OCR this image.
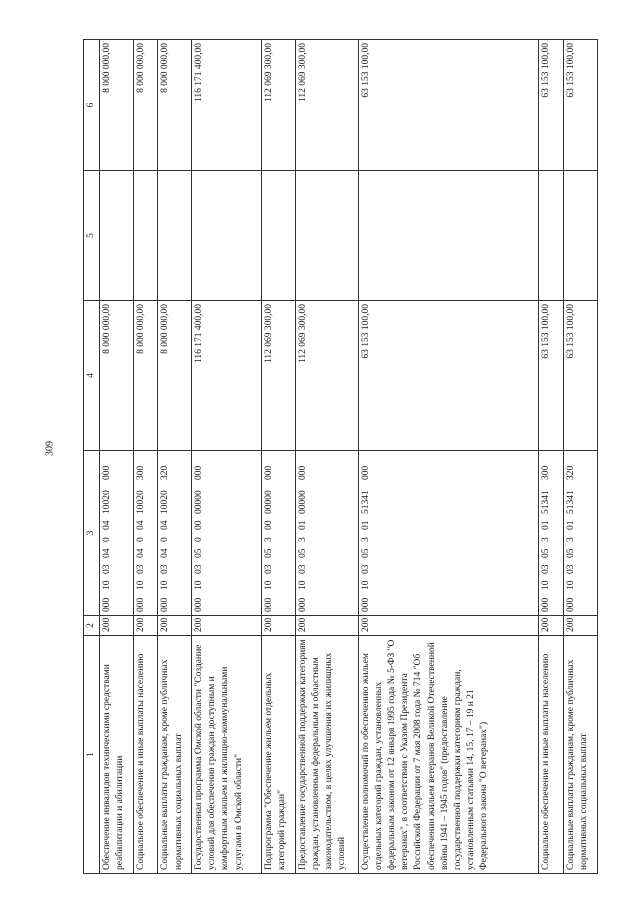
309
1	2	3	4	5	6
Обеспечение инвалидов техническими средствами реабилитации и абилитации	200	00010030400410020000	8 000 000,00		8 000 000,00
Социальное обеспечение и иные выплаты населению	200	00010030400410020300	8 000 000,00		8 000 000,00
Социальные выплаты гражданам, кроме публичных нормативных социальных выплат	200	00010030400410020320	8 000 000,00		8 000 000,00
Государственная программа Омской области "Создание условий для обеспечения граждан доступным и комфортным жильем и жилищно-коммунальными услугами в Омской области"	200	00010030500000000000	116 171 400,00		116 171 400,00
Подпрограмма "Обеспечение жильем отдельных категорий граждан"	200	00010030530000000000	112 069 300,00		112 069 300,00
Предоставление государственной поддержки категориям граждан, установленным федеральным и областным законодательством, в целях улучшения их жилищных условий	200	00010030530100000000	112 069 300,00		112 069 300,00
Осуществление полномочий по обеспечению жильем отдельных категорий граждан, установленных федеральным законом от 12 января 1995 года № 5-ФЗ "О ветеранах", в соответствии с Указом Президента Российской Федерации от 7 мая 2008 года № 714 "Об обеспечении жильем ветеранов Великой Отечественной войны 1941 – 1945 годов" (предоставление государственной поддержки категориям граждан, установленным статьями 14, 15, 17 – 19 и 21 Федерального закона "О ветеранах")	200	00010030530151341000	63 153 100,00		63 153 100,00
Социальное обеспечение и иные выплаты населению	200	00010030530151341300	63 153 100,00		63 153 100,00
Социальные выплаты гражданам, кроме публичных нормативных социальных выплат	200	00010030530151341320	63 153 100,00		63 153 100,00
